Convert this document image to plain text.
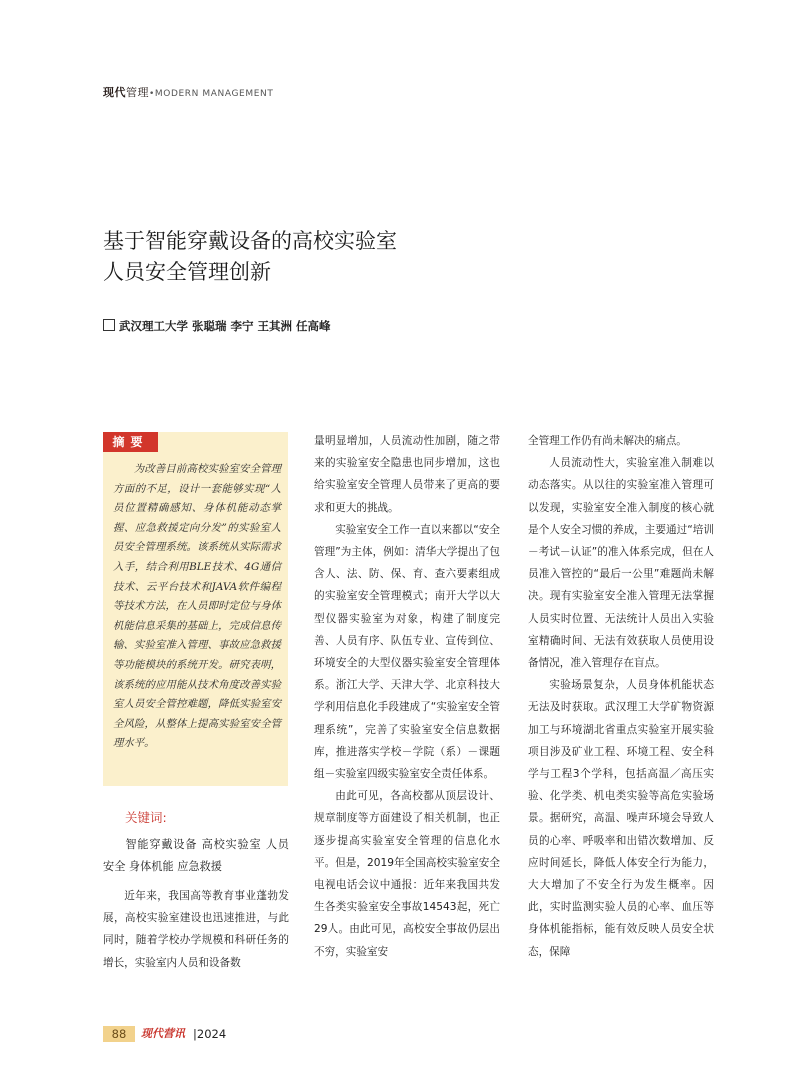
现代管理•MODERN MANAGEMENT
基于智能穿戴设备的高校实验室
人员安全管理创新
武汉理工大学 张聪瑞 李宁 王其洲 任高峰
摘要

为改善目前高校实验室安全管理方面的不足，设计一套能够实现“人员位置精确感知、身体机能动态掌握、应急救援定向分发”的实验室人员安全管理系统。该系统从实际需求入手，结合利用BLE技术、4G通信技术、云平台技术和JAVA软件编程等技术方法，在人员即时定位与身体机能信息采集的基础上，完成信息传输、实验室准入管理、事故应急救援等功能模块的系统开发。研究表明，该系统的应用能从技术角度改善实验室人员安全管控难题，降低实验室安全风险，从整体上提高实验室安全管理水平。

关键词:

智能穿戴设备 高校实验室 人员安全 身体机能 应急救援

近年来，我国高等教育事业蓬勃发展，高校实验室建设也迅速推进，与此同时，随着学校办学规模和科研任务的增长，实验室内人员和设备数

量明显增加，人员流动性加剧，随之带来的实验室安全隐患也同步增加，这也给实验室安全管理人员带来了更高的要求和更大的挑战。

实验室安全工作一直以来都以“安全管理”为主体，例如：清华大学提出了包含人、法、防、保、育、查六要素组成的实验室安全管理模式；南开大学以大型仪器实验室为对象，构建了制度完善、人员有序、队伍专业、宣传到位、环境安全的大型仪器实验室安全管理体系。浙江大学、天津大学、北京科技大学利用信息化手段建成了“实验室安全管理系统”，完善了实验室安全信息数据库，推进落实学校－学院（系）－课题组－实验室四级实验室安全责任体系。

由此可见，各高校都从顶层设计、规章制度等方面建设了相关机制，也正逐步提高实验室安全管理的信息化水平。但是，2019年全国高校实验室安全电视电话会议中通报：近年来我国共发生各类实验室安全事故14543起，死亡29人。由此可见，高校安全事故仍层出不穷，实验室安

全管理工作仍有尚未解决的痛点。

人员流动性大，实验室准入制难以动态落实。从以往的实验室准入管理可以发现，实验室安全准入制度的核心就是个人安全习惯的养成，主要通过“培训－考试－认证”的准入体系完成，但在人员准入管控的“最后一公里”难题尚未解决。现有实验室安全准入管理无法掌握人员实时位置、无法统计人员出入实验室精确时间、无法有效获取人员使用设备情况，准入管理存在盲点。

实验场景复杂，人员身体机能状态无法及时获取。武汉理工大学矿物资源加工与环境湖北省重点实验室开展实验项目涉及矿业工程、环境工程、安全科学与工程3个学科，包括高温／高压实验、化学类、机电类实验等高危实验场景。据研究，高温、噪声环境会导致人员的心率、呼吸率和出错次数增加、反应时间延长，降低人体安全行为能力，大大增加了不安全行为发生概率。因此，实时监测实验人员的心率、血压等身体机能指标，能有效反映人员安全状态，保障

88	现代营讯 |2024
